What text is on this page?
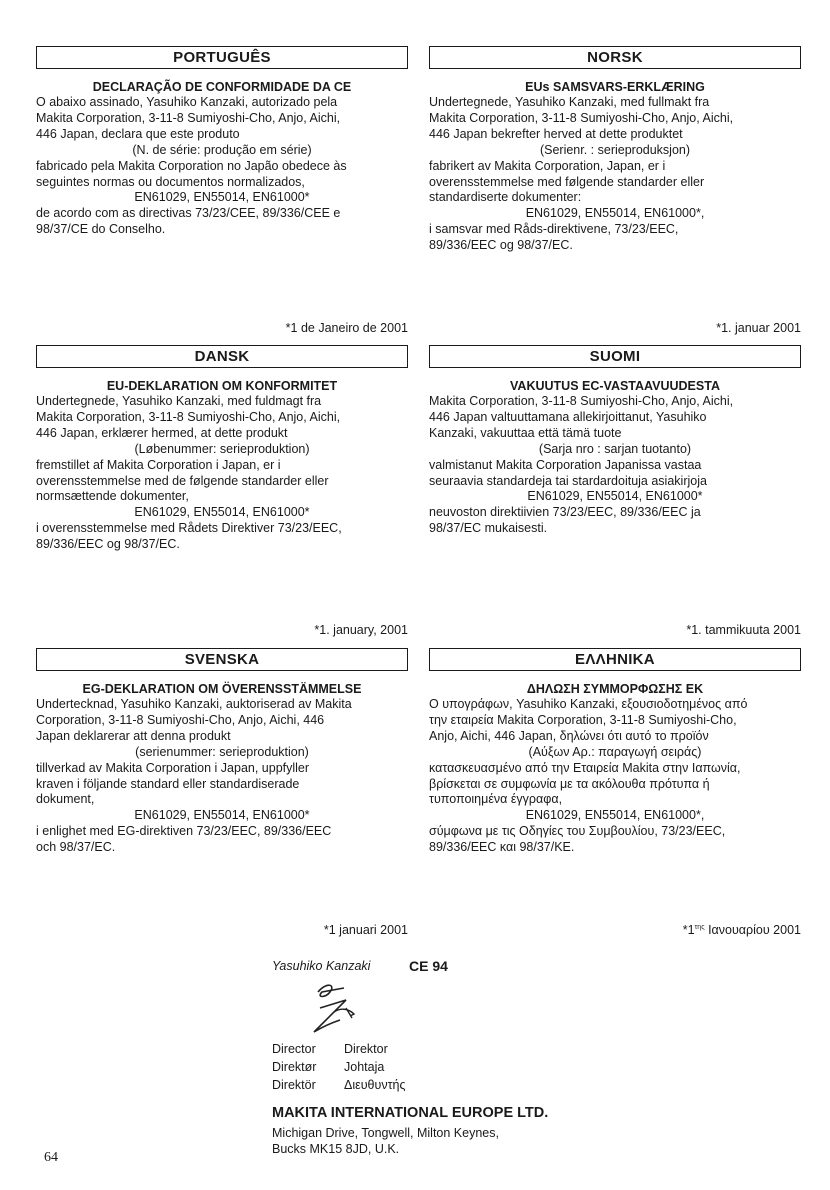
PORTUGUÊS
DECLARAÇÃO DE CONFORMIDADE DA CE
O abaixo assinado, Yasuhiko Kanzaki, autorizado pela
Makita Corporation, 3-11-8 Sumiyoshi-Cho, Anjo, Aichi,
446 Japan, declara que este produto
(N. de série: produção em série)
fabricado pela Makita Corporation no Japão obedece às
seguintes normas ou documentos normalizados,
EN61029, EN55014, EN61000*
de acordo com as directivas 73/23/CEE, 89/336/CEE e
98/37/CE do Conselho.
*1 de Janeiro de 2001
NORSK
EUs SAMSVARS-ERKLÆRING
Undertegnede, Yasuhiko Kanzaki, med fullmakt fra
Makita Corporation, 3-11-8 Sumiyoshi-Cho, Anjo, Aichi,
446 Japan bekrefter herved at dette produktet
(Serienr. : serieproduksjon)
fabrikert av Makita Corporation, Japan, er i
overensstemmelse med følgende standarder eller
standardiserte dokumenter:
EN61029, EN55014, EN61000*,
i samsvar med Råds-direktivene, 73/23/EEC,
89/336/EEC og 98/37/EC.
*1. januar 2001
DANSK
EU-DEKLARATION OM KONFORMITET
Undertegnede, Yasuhiko Kanzaki, med fuldmagt fra
Makita Corporation, 3-11-8 Sumiyoshi-Cho, Anjo, Aichi,
446 Japan, erklærer hermed, at dette produkt
(Løbenummer: serieproduktion)
fremstillet af Makita Corporation i Japan, er i
overensstemmelse med de følgende standarder eller
normsættende dokumenter,
EN61029, EN55014, EN61000*
i overensstemmelse med Rådets Direktiver 73/23/EEC,
89/336/EEC og 98/37/EC.
*1. january, 2001
SUOMI
VAKUUTUS EC-VASTAAVUUDESTA
Makita Corporation, 3-11-8 Sumiyoshi-Cho, Anjo, Aichi,
446 Japan valtuuttamana allekirjoittanut, Yasuhiko
Kanzaki, vakuuttaa että tämä tuote
(Sarja nro : sarjan tuotanto)
valmistanut Makita Corporation Japanissa vastaa
seuraavia standardeja tai stardardoituja asiakirjoja
EN61029, EN55014, EN61000*
neuvoston direktiivien 73/23/EEC, 89/336/EEC ja
98/37/EC mukaisesti.
*1. tammikuuta 2001
SVENSKA
EG-DEKLARATION OM ÖVERENSSTÄMMELSE
Undertecknad, Yasuhiko Kanzaki, auktoriserad av Makita
Corporation, 3-11-8 Sumiyoshi-Cho, Anjo, Aichi, 446
Japan deklarerar att denna produkt
(serienummer: serieproduktion)
tillverkad av Makita Corporation i Japan, uppfyller
kraven i följande standard eller standardiserade
dokument,
EN61029, EN55014, EN61000*
i enlighet med EG-direktiven 73/23/EEC, 89/336/EEC
och 98/37/EC.
*1 januari 2001
ΕΛΛΗΝΙΚΑ
ΔΗΛΩΣΗ ΣΥΜΜΟΡΦΩΣΗΣ ΕΚ
Ο υπογράφων, Yasuhiko Kanzaki, εξουσιοδοτημένος από
την εταιρεία Makita Corporation, 3-11-8 Sumiyoshi-Cho,
Anjo, Aichi, 446 Japan, δηλώνει ότι αυτό το προϊόν
(Αύξων Αρ.: παραγωγή σειράς)
κατασκευασμένο από την Εταιρεία Makita στην Ιαπωνία,
βρίσκεται σε συμφωνία με τα ακόλουθα πρότυπα ή
τυποποιημένα έγγραφα,
EN61029, EN55014, EN61000*,
σύμφωνα με τις Οδηγίες του Συμβουλίου, 73/23/EEC,
89/336/EEC και 98/37/ΚΕ.
$*1^{\tau\eta\varsigma}$ Ιανουαρίου 2001
Yasuhiko Kanzaki	CE 94
Director	Direktor
Direktør	Johtaja
Direktör	Διευθυντής
MAKITA INTERNATIONAL EUROPE LTD.
Michigan Drive, Tongwell, Milton Keynes,
Bucks MK15 8JD, U.K.
64
